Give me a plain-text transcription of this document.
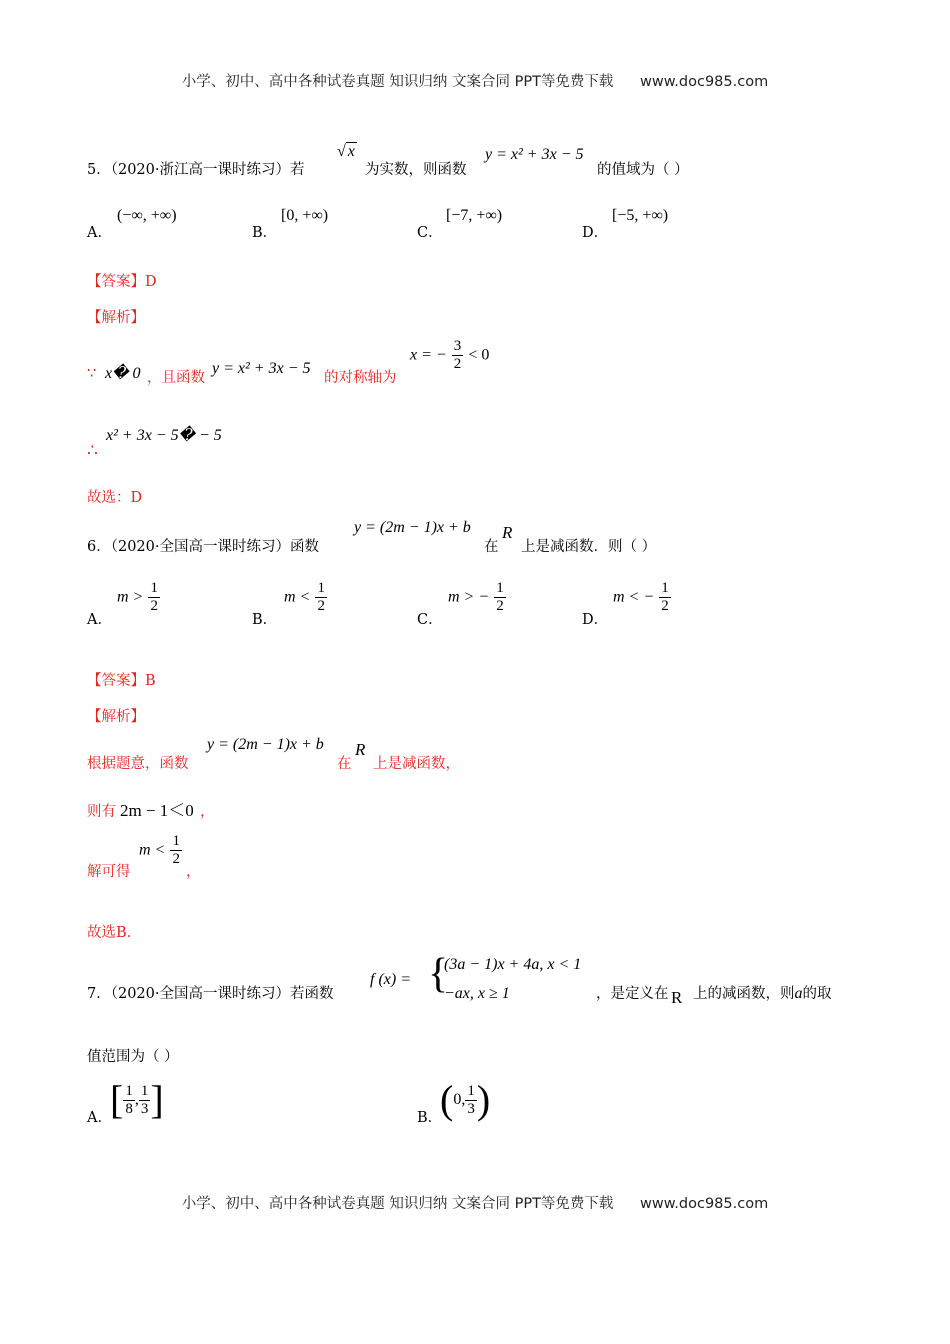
小学、初中、高中各种试卷真题 知识归纳 文案合同 PPT等免费下载 www.doc985.com
5．（2020·浙江高一课时练习）若
√ x
为实数，则函数
y = x² + 3x − 5
的值域为（ ）
A．
(−∞, +∞)
B．
[0, +∞)
C．
[−7, +∞)
D．
[−5, +∞)
【答案】D
【解析】
∵ x� 0 ，且函数
y = x² + 3x − 5
的对称轴为
x = − $\frac{3}{2} < 0$
∴
x² + 3x − 5� − 5
故选：D
6．（2020·全国高一课时练习）函数
y = (2m − 1)x + b
在
R
上是减函数．则（ ）
A．
$m > \frac{1}{2}$
B．
$m < \frac{1}{2}$
C．
m > − $\frac{1}{2}$
D．
m < − $\frac{1}{2}$
【答案】B
【解析】
根据题意，函数
y = (2m − 1)x + b
在
R
上是减函数，
则有 2m − 1＜0 ，
解可得
$m < \frac{1}{2}$
，
故选B．
7．（2020·全国高一课时练习）若函数
f (x) = {
(3a − 1)x + 4a, x < 1
−ax, x ≥ 1	，是定义在 R 上的减函数，则a的取
值范围为（ ）
A．
[ $\frac{1}{8}$ , $\frac{1}{3}$ ]	B．
(0, $\frac{1}{3}$ )
小学、初中、高中各种试卷真题 知识归纳 文案合同 PPT等免费下载 www.doc985.com
